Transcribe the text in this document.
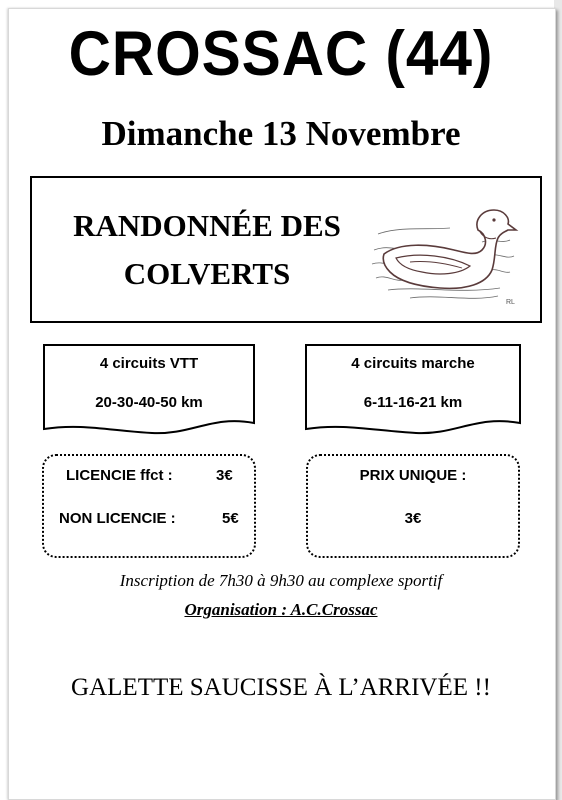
CROSSAC (44)
Dimanche 13 Novembre
RANDONNÉE DES
COLVERTS
RL
4 circuits VTT
20-30-40-50 km
4 circuits marche
6-11-16-21 km
LICENCIE ffct :	3€
NON LICENCIE :	5€
PRIX UNIQUE :
3€
Inscription de 7h30 à 9h30 au complexe sportif
Organisation : A.C.Crossac
GALETTE SAUCISSE À L’ARRIVÉE !!
